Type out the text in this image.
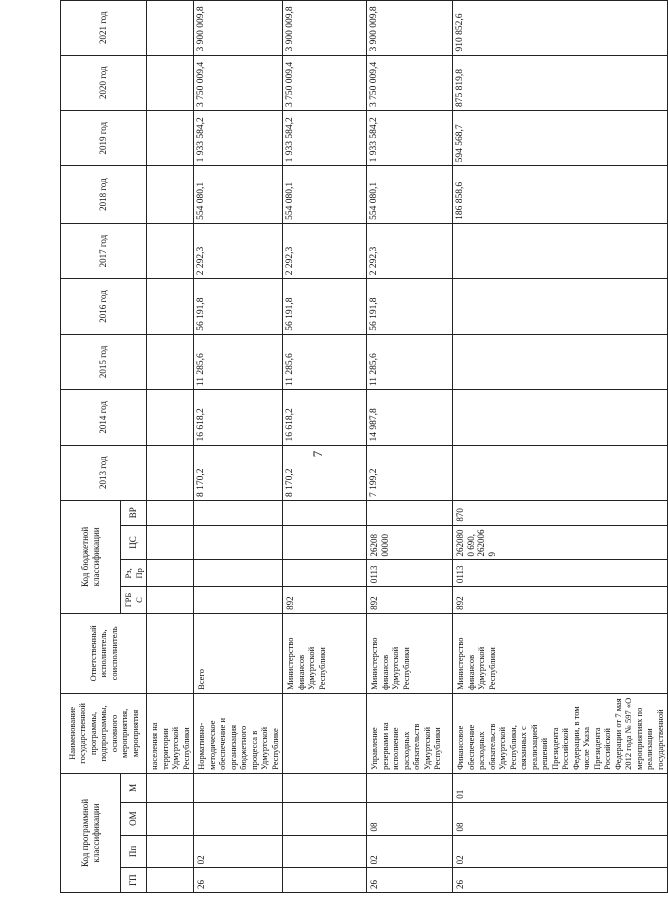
7
Код программной классификации				Наименование государственной программы, подпрограммы, основного мероприятия, мероприятия	Ответственный исполнитель, соисполнитель	Код бюджетной классификации				2013 год	2014 год	2015 год	2016 год	2017 год	2018 год	2019 год	2020 год	2021 год
ГП	Пп	ОМ	М			ГРБС	Рз, Пр	ЦС	ВР									
				населения на территории Удмуртской Республики														
26	02			Нормативно-методическое обеспечение и организация бюджетного процесса в Удмуртской Республике	Всего					8 170,2	16 618,2	11 285,6	56 191,8	2 292,3	554 080,1	1 933 584,2	3 750 009,4	3 900 009,8
					Министерство финансов Удмуртской Республики	892				8 170,2	16 618,2	11 285,6	56 191,8	2 292,3	554 080,1	1 933 584,2	3 750 009,4	3 900 009,8
26	02	08		Управление резервами на исполнение расходных обязательств Удмуртской Республики	Министерство финансов Удмуртской Республики	892	0113	26208 00000		7 199,2	14 987,8	11 285,6	56 191,8	2 292,3	554 080,1	1 933 584,2	3 750 009,4	3 900 009,8
26	02	08	01	Финансовое обеспечение расходных обязательств Удмуртской Республики, связанных с реализацией решений Президента Российской Федерации, в том числе Указа Президента Российской Федерации от 7 мая 2012 года № 597 «О мероприятиях по реализации государственной	Министерство финансов Удмуртской Республики	892	0113	2620800 690, 2620069	870						186 858,6	594 568,7	875 819,8	910 852,6
